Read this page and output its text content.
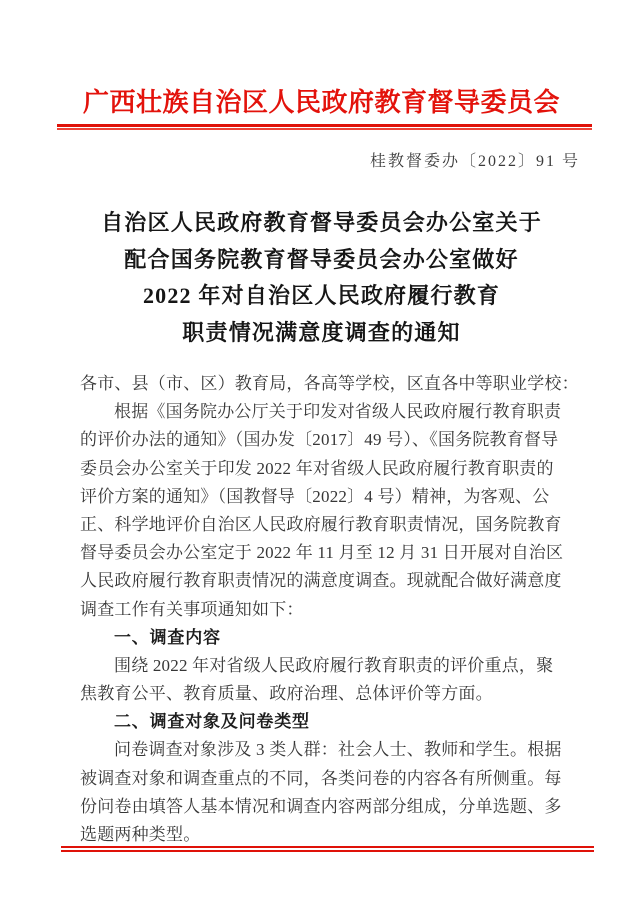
广西壮族自治区人民政府教育督导委员会
桂教督委办〔2022〕91 号
自治区人民政府教育督导委员会办公室关于
配合国务院教育督导委员会办公室做好
2022 年对自治区人民政府履行教育
职责情况满意度调查的通知
各市、县（市、区）教育局，各高等学校，区直各中等职业学校：
根据《国务院办公厅关于印发对省级人民政府履行教育职责
的评价办法的通知》（国办发〔2017〕49 号）、《国务院教育督导
委员会办公室关于印发 2022 年对省级人民政府履行教育职责的
评价方案的通知》（国教督导〔2022〕4 号）精神，为客观、公
正、科学地评价自治区人民政府履行教育职责情况，国务院教育
督导委员会办公室定于 2022 年 11 月至 12 月 31 日开展对自治区
人民政府履行教育职责情况的满意度调查。现就配合做好满意度
调查工作有关事项通知如下：
一、调查内容
围绕 2022 年对省级人民政府履行教育职责的评价重点，聚
焦教育公平、教育质量、政府治理、总体评价等方面。
二、调查对象及问卷类型
问卷调查对象涉及 3 类人群：社会人士、教师和学生。根据
被调查对象和调查重点的不同，各类问卷的内容各有所侧重。每
份问卷由填答人基本情况和调查内容两部分组成，分单选题、多
选题两种类型。
